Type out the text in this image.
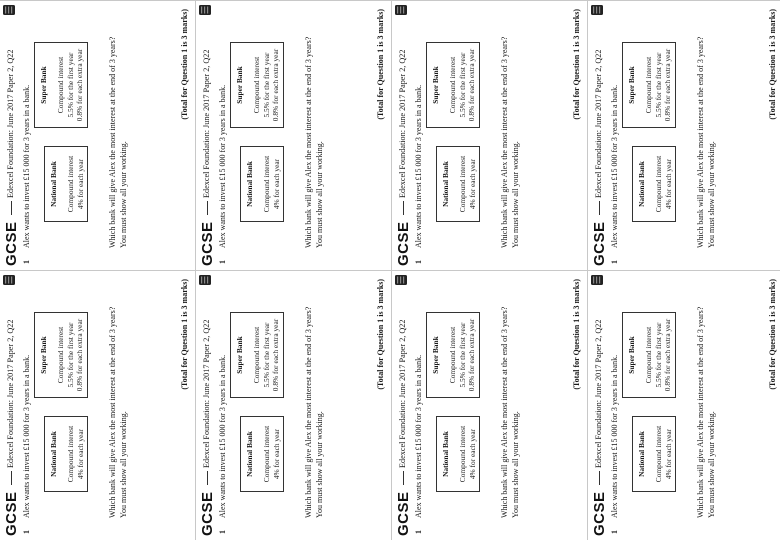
GCSE
Edexcel Foundation: June 2017 Paper 2, Q22
1
Alex wants to invest £15 000 for 3 years in a bank. National Bank Compound interest 4% for each year
Super Bank Compound interest 5.5% for the first year 0.8% for each extra year	Which bank will give Alex the most interest at the end of 3 years? You must show all your working.
(Total for Question 1 is 3 marks)
GCSE
Edexcel Foundation: June 2017 Paper 2, Q22
1
Alex wants to invest £15 000 for 3 years in a bank. National Bank Compound interest 4% for each year
Super Bank Compound interest 5.5% for the first year 0.8% for each extra year	Which bank will give Alex the most interest at the end of 3 years? You must show all your working.
(Total for Question 1 is 3 marks)
GCSE
Edexcel Foundation: June 2017 Paper 2, Q22
1
Alex wants to invest £15 000 for 3 years in a bank. National Bank Compound interest 4% for each year
Super Bank Compound interest 5.5% for the first year 0.8% for each extra year	Which bank will give Alex the most interest at the end of 3 years? You must show all your working.
(Total for Question 1 is 3 marks)
GCSE
Edexcel Foundation: June 2017 Paper 2, Q22
1
Alex wants to invest £15 000 for 3 years in a bank. National Bank Compound interest 4% for each year
Super Bank Compound interest 5.5% for the first year 0.8% for each extra year	Which bank will give Alex the most interest at the end of 3 years? You must show all your working.
(Total for Question 1 is 3 marks)
GCSE
Edexcel Foundation: June 2017 Paper 2, Q22
1
Alex wants to invest £15 000 for 3 years in a bank. National Bank Compound interest 4% for each year
Super Bank Compound interest 5.5% for the first year 0.8% for each extra year	Which bank will give Alex the most interest at the end of 3 years? You must show all your working.
(Total for Question 1 is 3 marks)
GCSE
Edexcel Foundation: June 2017 Paper 2, Q22
1
Alex wants to invest £15 000 for 3 years in a bank. National Bank Compound interest 4% for each year
Super Bank Compound interest 5.5% for the first year 0.8% for each extra year	Which bank will give Alex the most interest at the end of 3 years? You must show all your working.
(Total for Question 1 is 3 marks)
GCSE
Edexcel Foundation: June 2017 Paper 2, Q22
1
Alex wants to invest £15 000 for 3 years in a bank. National Bank Compound interest 4% for each year
Super Bank Compound interest 5.5% for the first year 0.8% for each extra year	Which bank will give Alex the most interest at the end of 3 years? You must show all your working.
(Total for Question 1 is 3 marks)
GCSE
Edexcel Foundation: June 2017 Paper 2, Q22
1
Alex wants to invest £15 000 for 3 years in a bank. National Bank Compound interest 4% for each year
Super Bank Compound interest 5.5% for the first year 0.8% for each extra year	Which bank will give Alex the most interest at the end of 3 years? You must show all your working.
(Total for Question 1 is 3 marks)
